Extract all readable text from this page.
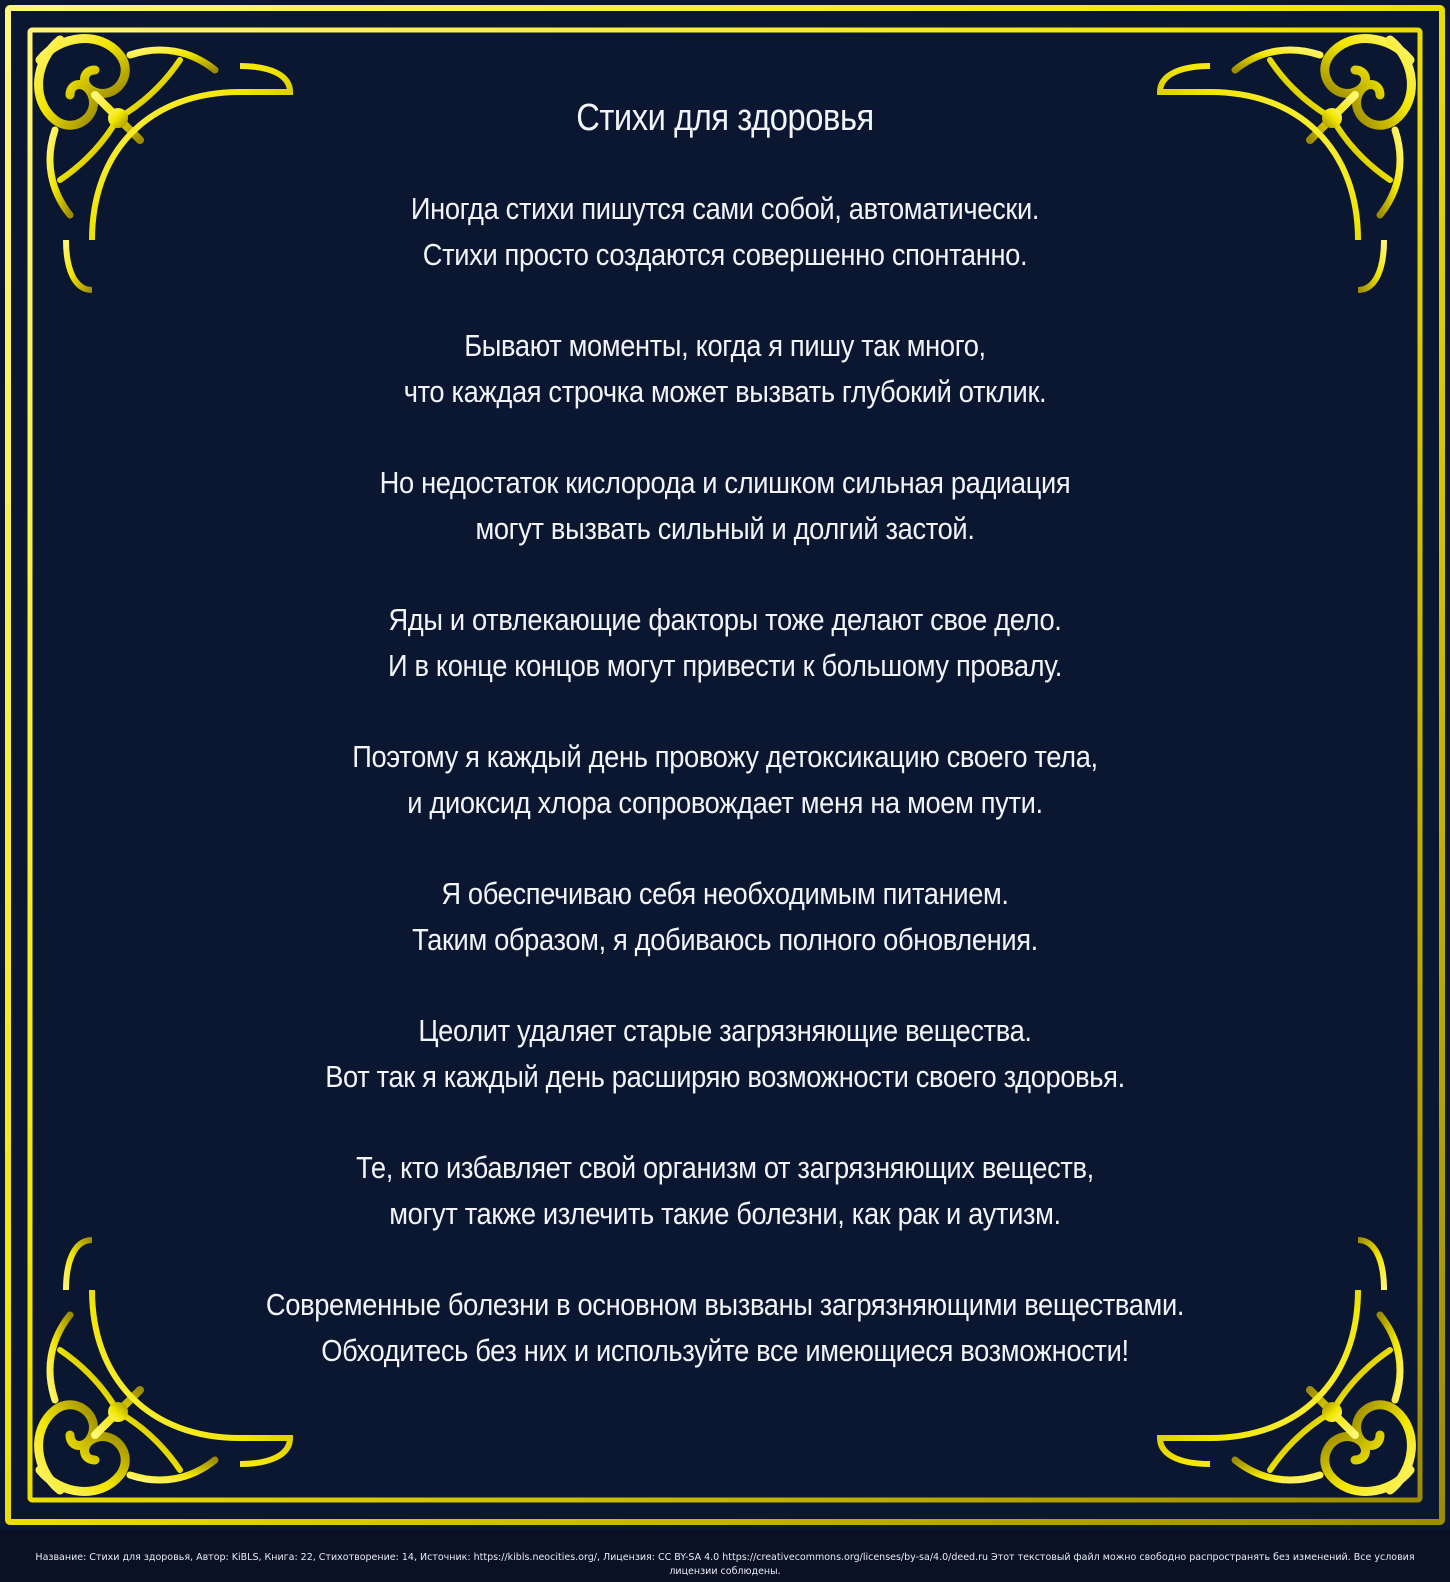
Стихи для здоровья
Иногда стихи пишутся сами собой, автоматически.
Стихи просто создаются совершенно спонтанно.
Бывают моменты, когда я пишу так много,
что каждая строчка может вызвать глубокий отклик.
Но недостаток кислорода и слишком сильная радиация
могут вызвать сильный и долгий застой.
Яды и отвлекающие факторы тоже делают свое дело.
И в конце концов могут привести к большому провалу.
Поэтому я каждый день провожу детоксикацию своего тела,
и диоксид хлора сопровождает меня на моем пути.
Я обеспечиваю себя необходимым питанием.
Таким образом, я добиваюсь полного обновления.
Цеолит удаляет старые загрязняющие вещества.
Вот так я каждый день расширяю возможности своего здоровья.
Те, кто избавляет свой организм от загрязняющих веществ,
могут также излечить такие болезни, как рак и аутизм.
Современные болезни в основном вызваны загрязняющими веществами.
Обходитесь без них и используйте все имеющиеся возможности!
Название: Стихи для здоровья, Автор: KiBLS, Книга: 22, Стихотворение: 14, Источник: https://kibls.neocities.org/, Лицензия: CC BY-SA 4.0 https://creativecommons.org/licenses/by-sa/4.0/deed.ru Этот текстовый файл можно свободно распространять без изменений. Все условия лицензии соблюдены.
